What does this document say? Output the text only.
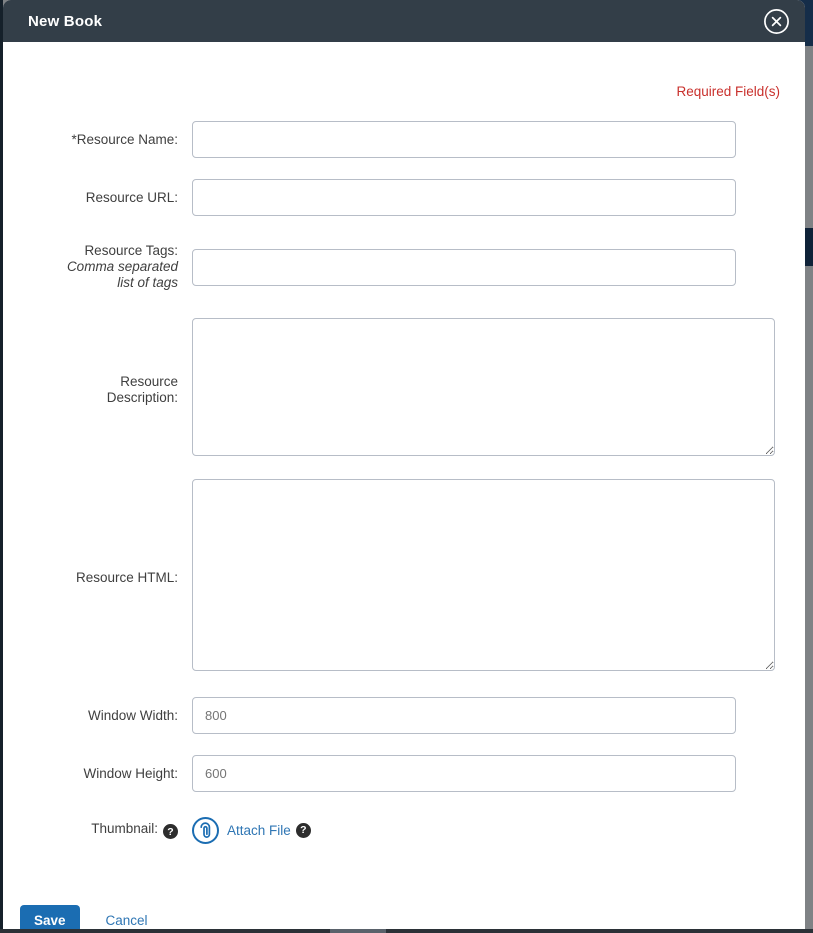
New Book
Required Field(s)
*Resource Name:
Resource URL:
Resource Tags:
Comma separated list of tags
Resource Description:
Resource HTML:
Window Width:
800
Window Height:
600
Thumbnail: ?	Attach File
?
Save	Cancel
